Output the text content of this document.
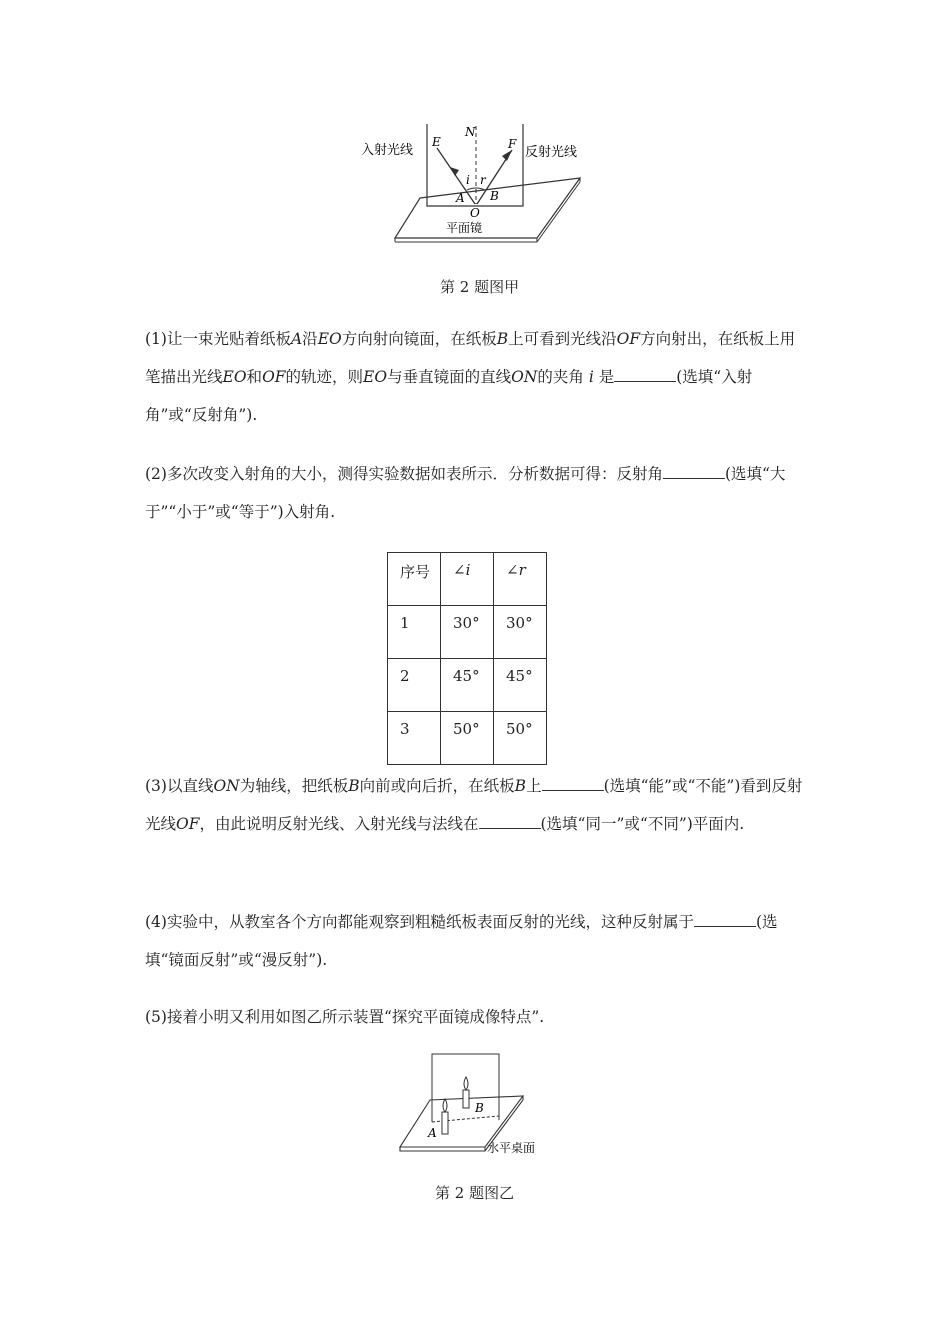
入射光线	反射光线
E	F
N
i r
A B
O
平面镜
第 2 题图甲

(1)让一束光贴着纸板A沿EO方向射向镜面，在纸板B上可看到光线沿OF方向射出，在纸板上用笔描出光线EO和OF的轨迹，则EO与垂直镜面的直线ON的夹角 i 是	(选填“入射角”或“反射角”).

(2)多次改变入射角的大小，测得实验数据如表所示．分析数据可得：反射角	(选填“大于”“小于”或“等于”)入射角.

序号	∠i	∠r
1	30°	30°
2	45°	45°
3	50°	50°

(3)以直线ON为轴线，把纸板B向前或向后折，在纸板B上	(选填“能”或“不能”)看到反射光线OF，由此说明反射光线、入射光线与法线在	(选填“同一”或“不同”)平面内.

(4)实验中，从教室各个方向都能观察到粗糙纸板表面反射的光线，这种反射属于	(选填“镜面反射”或“漫反射”).

(5)接着小明又利用如图乙所示装置“探究平面镜成像特点”.

A
B
水平桌面
第 2 题图乙
